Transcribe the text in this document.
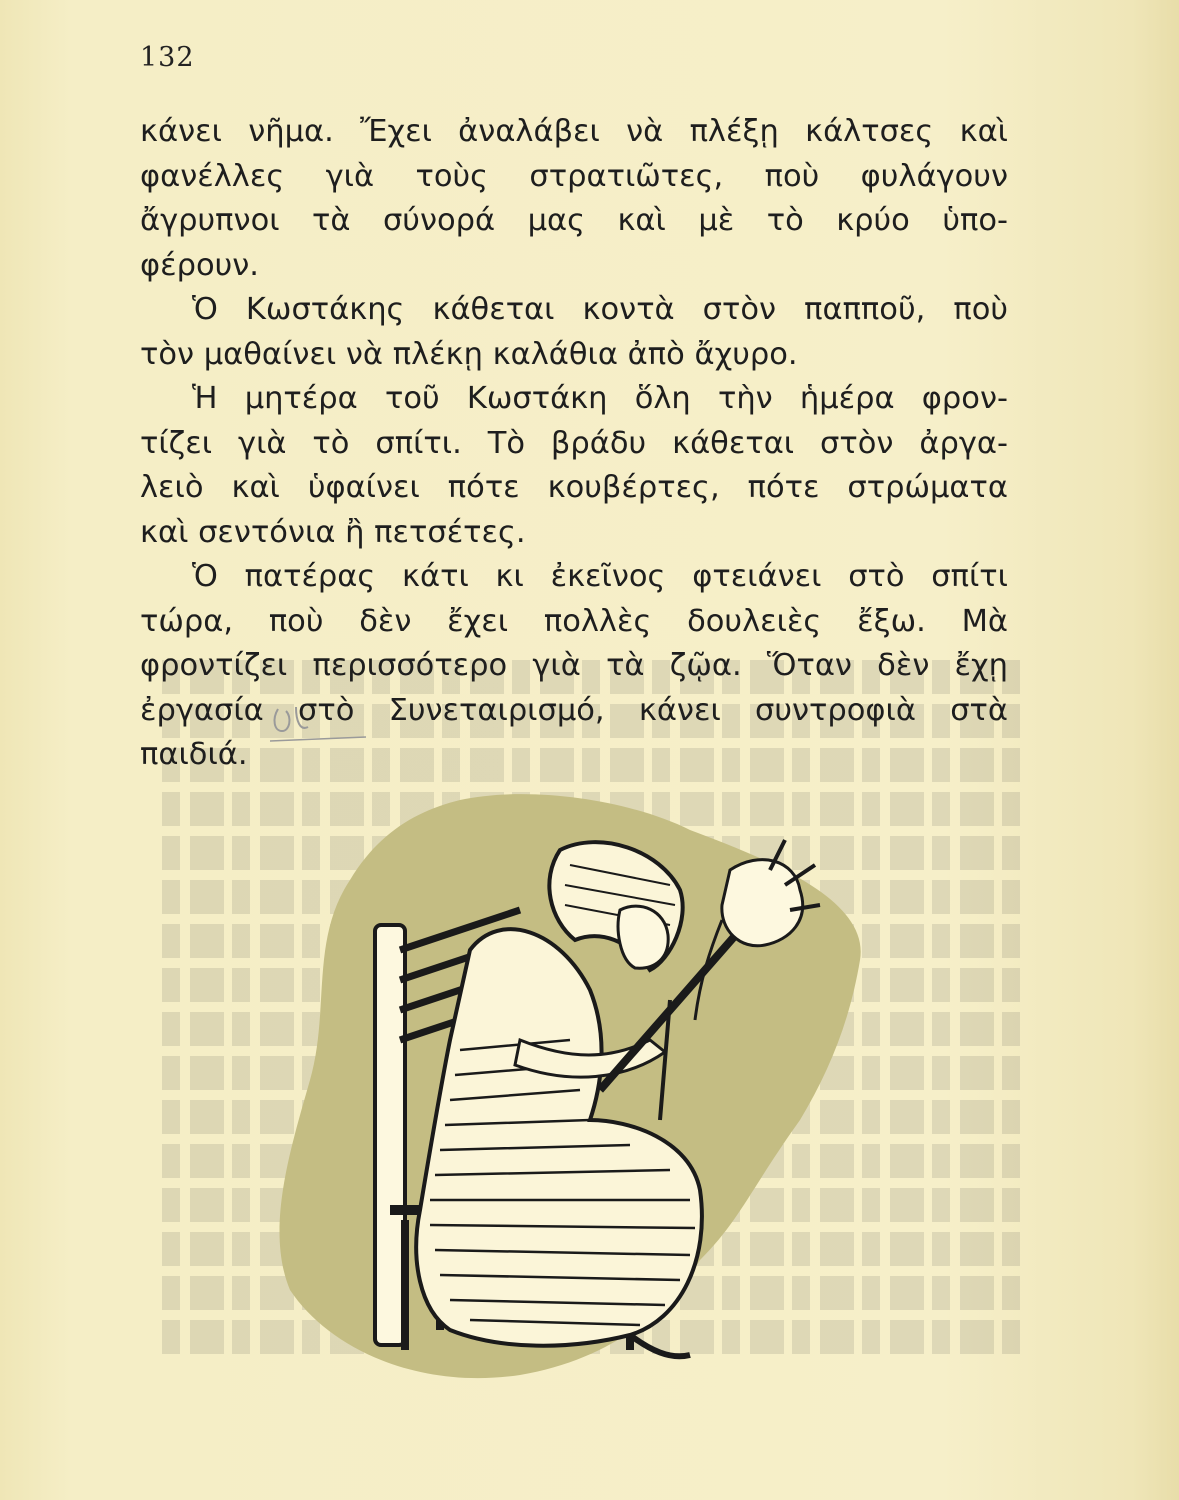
132
κάνει νῆμα. Ἔχει ἀναλάβει νὰ πλέξῃ κάλτσες καὶ
φανέλλες γιὰ τοὺς στρατιῶτες, ποὺ φυλάγουν
ἄγρυπνοι τὰ σύνορά μας καὶ μὲ τὸ κρύο ὑπο-
φέρουν.
Ὁ Κωστάκης κάθεται κοντὰ στὸν παπποῦ, ποὺ
τὸν μαθαίνει νὰ πλέκῃ καλάθια ἀπὸ ἄχυρο.
Ἡ μητέρα τοῦ Κωστάκη ὅλη τὴν ἡμέρα φρον-
τίζει γιὰ τὸ σπίτι. Τὸ βράδυ κάθεται στὸν ἀργα-
λειὸ καὶ ὑφαίνει πότε κουβέρτες, πότε στρώματα
καὶ σεντόνια ἢ πετσέτες.
Ὁ πατέρας κάτι κι ἐκεῖνος φτειάνει στὸ σπίτι
τώρα, ποὺ δὲν ἔχει πολλὲς δουλειὲς ἔξω. Μὰ
φροντίζει περισσότερο γιὰ τὰ ζῷα. Ὅταν δὲν ἔχῃ
ἐργασία στὸ Συνεταιρισμό, κάνει συντροφιὰ στὰ
παιδιά.
